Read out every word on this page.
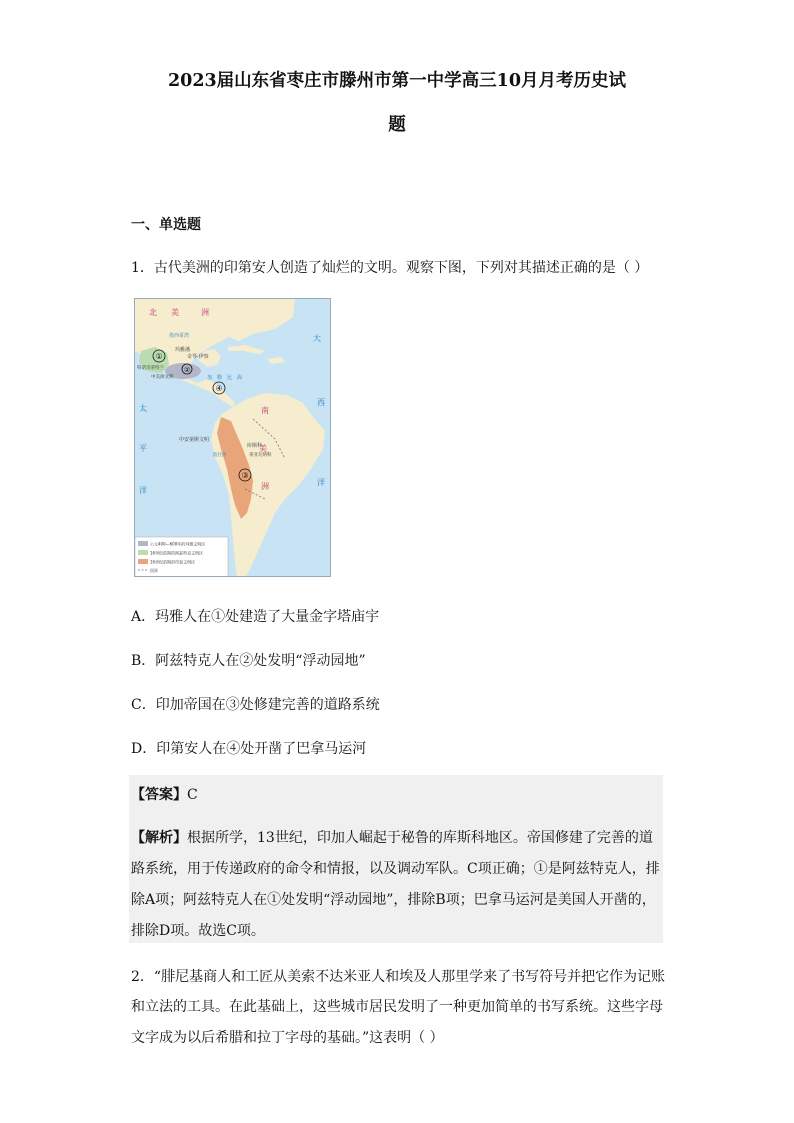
2023届山东省枣庄市滕州市第一中学高三10月月考历史试
题
一、单选题
1．古代美洲的印第安人创造了灿烂的文明。观察下图，下列对其描述正确的是（ ）
北 美	洲
大
西
洋
太
平
洋
南
美
洲
墨西哥湾
玛雅潘
奇琴·伊察
加　勒　比　海
特诺奇蒂特兰
中美洲文明
中安第斯文明
库斯科
波托西	蒂亚瓦纳科
①
②
④
③
公元400—600年的玛雅文明区
16世纪前期的阿兹特克文明区
16世纪前期的印加文明区
国界
A．玛雅人在①处建造了大量金字塔庙宇
B．阿兹特克人在②处发明“浮动园地”
C．印加帝国在③处修建完善的道路系统
D．印第安人在④处开凿了巴拿马运河
【答案】C
【解析】根据所学，13世纪，印加人崛起于秘鲁的库斯科地区。帝国修建了完善的道
路系统，用于传递政府的命令和情报，以及调动军队。C项正确；①是阿兹特克人，排
除A项；阿兹特克人在①处发明“浮动园地”，排除B项；巴拿马运河是美国人开凿的，
排除D项。故选C项。
2．“腓尼基商人和工匠从美索不达米亚人和埃及人那里学来了书写符号并把它作为记账
和立法的工具。在此基础上，这些城市居民发明了一种更加简单的书写系统。这些字母
文字成为以后希腊和拉丁字母的基础。”这表明（ ）
